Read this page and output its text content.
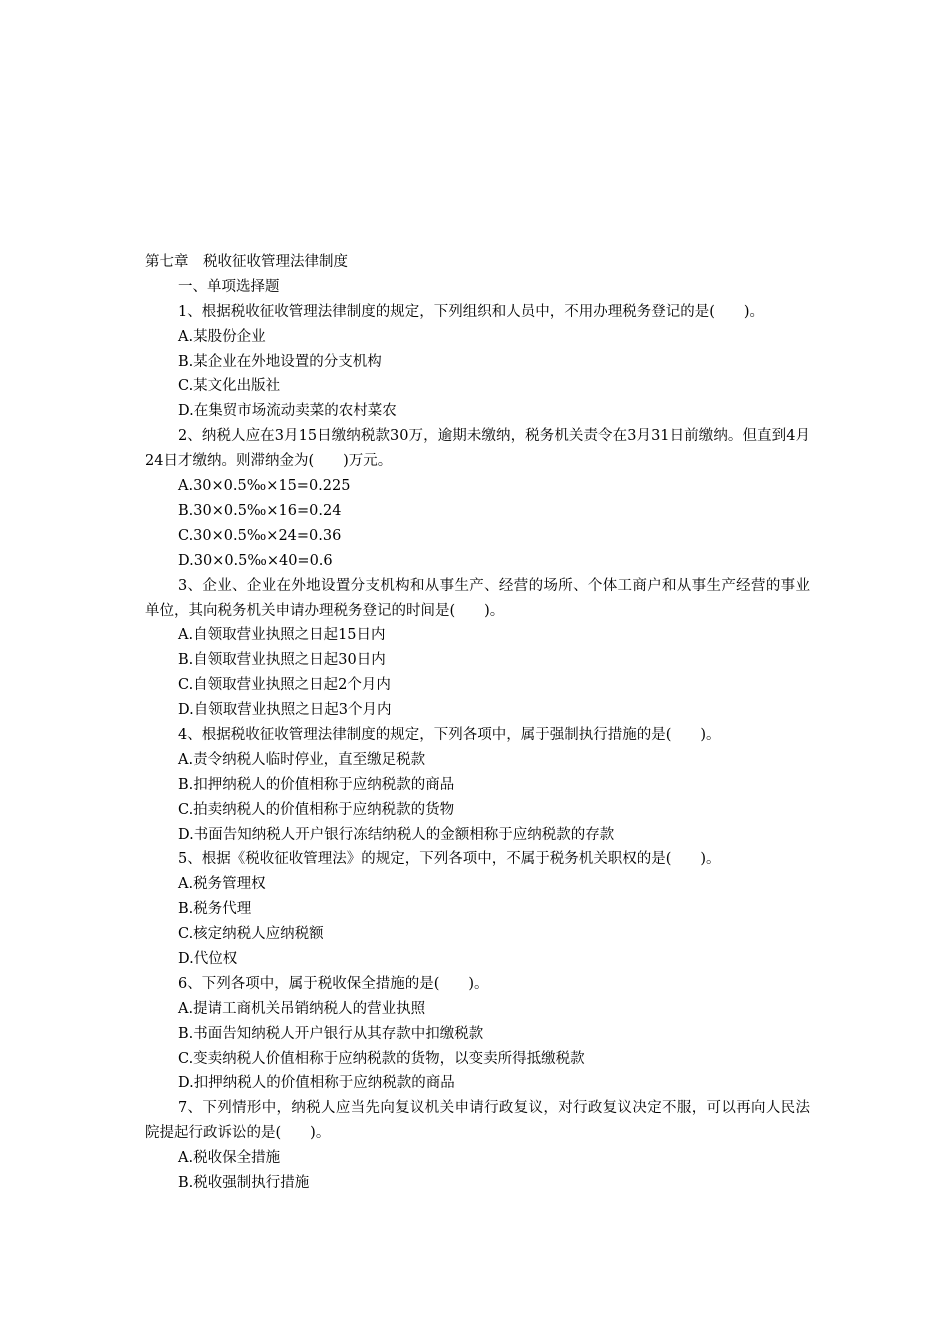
第七章　税收征收管理法律制度
一、单项选择题
1、根据税收征收管理法律制度的规定，下列组织和人员中，不用办理税务登记的是(　　)。
A.某股份企业
B.某企业在外地设置的分支机构
C.某文化出版社
D.在集贸市场流动卖菜的农村菜农
2、纳税人应在3月15日缴纳税款30万，逾期未缴纳，税务机关责令在3月31日前缴纳。但直到4月24日才缴纳。则滞纳金为(　　)万元。
A.30×0.5‰×15=0.225
B.30×0.5‰×16=0.24
C.30×0.5‰×24=0.36
D.30×0.5‰×40=0.6
3、企业、企业在外地设置分支机构和从事生产、经营的场所、个体工商户和从事生产经营的事业单位，其向税务机关申请办理税务登记的时间是(　　)。
A.自领取营业执照之日起15日内
B.自领取营业执照之日起30日内
C.自领取营业执照之日起2个月内
D.自领取营业执照之日起3个月内
4、根据税收征收管理法律制度的规定，下列各项中，属于强制执行措施的是(　　)。
A.责令纳税人临时停业，直至缴足税款
B.扣押纳税人的价值相称于应纳税款的商品
C.拍卖纳税人的价值相称于应纳税款的货物
D.书面告知纳税人开户银行冻结纳税人的金额相称于应纳税款的存款
5、根据《税收征收管理法》的规定，下列各项中，不属于税务机关职权的是(　　)。
A.税务管理权
B.税务代理
C.核定纳税人应纳税额
D.代位权
6、下列各项中，属于税收保全措施的是(　　)。
A.提请工商机关吊销纳税人的营业执照
B.书面告知纳税人开户银行从其存款中扣缴税款
C.变卖纳税人价值相称于应纳税款的货物，以变卖所得抵缴税款
D.扣押纳税人的价值相称于应纳税款的商品
7、下列情形中，纳税人应当先向复议机关申请行政复议，对行政复议决定不服，可以再向人民法院提起行政诉讼的是(　　)。
A.税收保全措施
B.税收强制执行措施
